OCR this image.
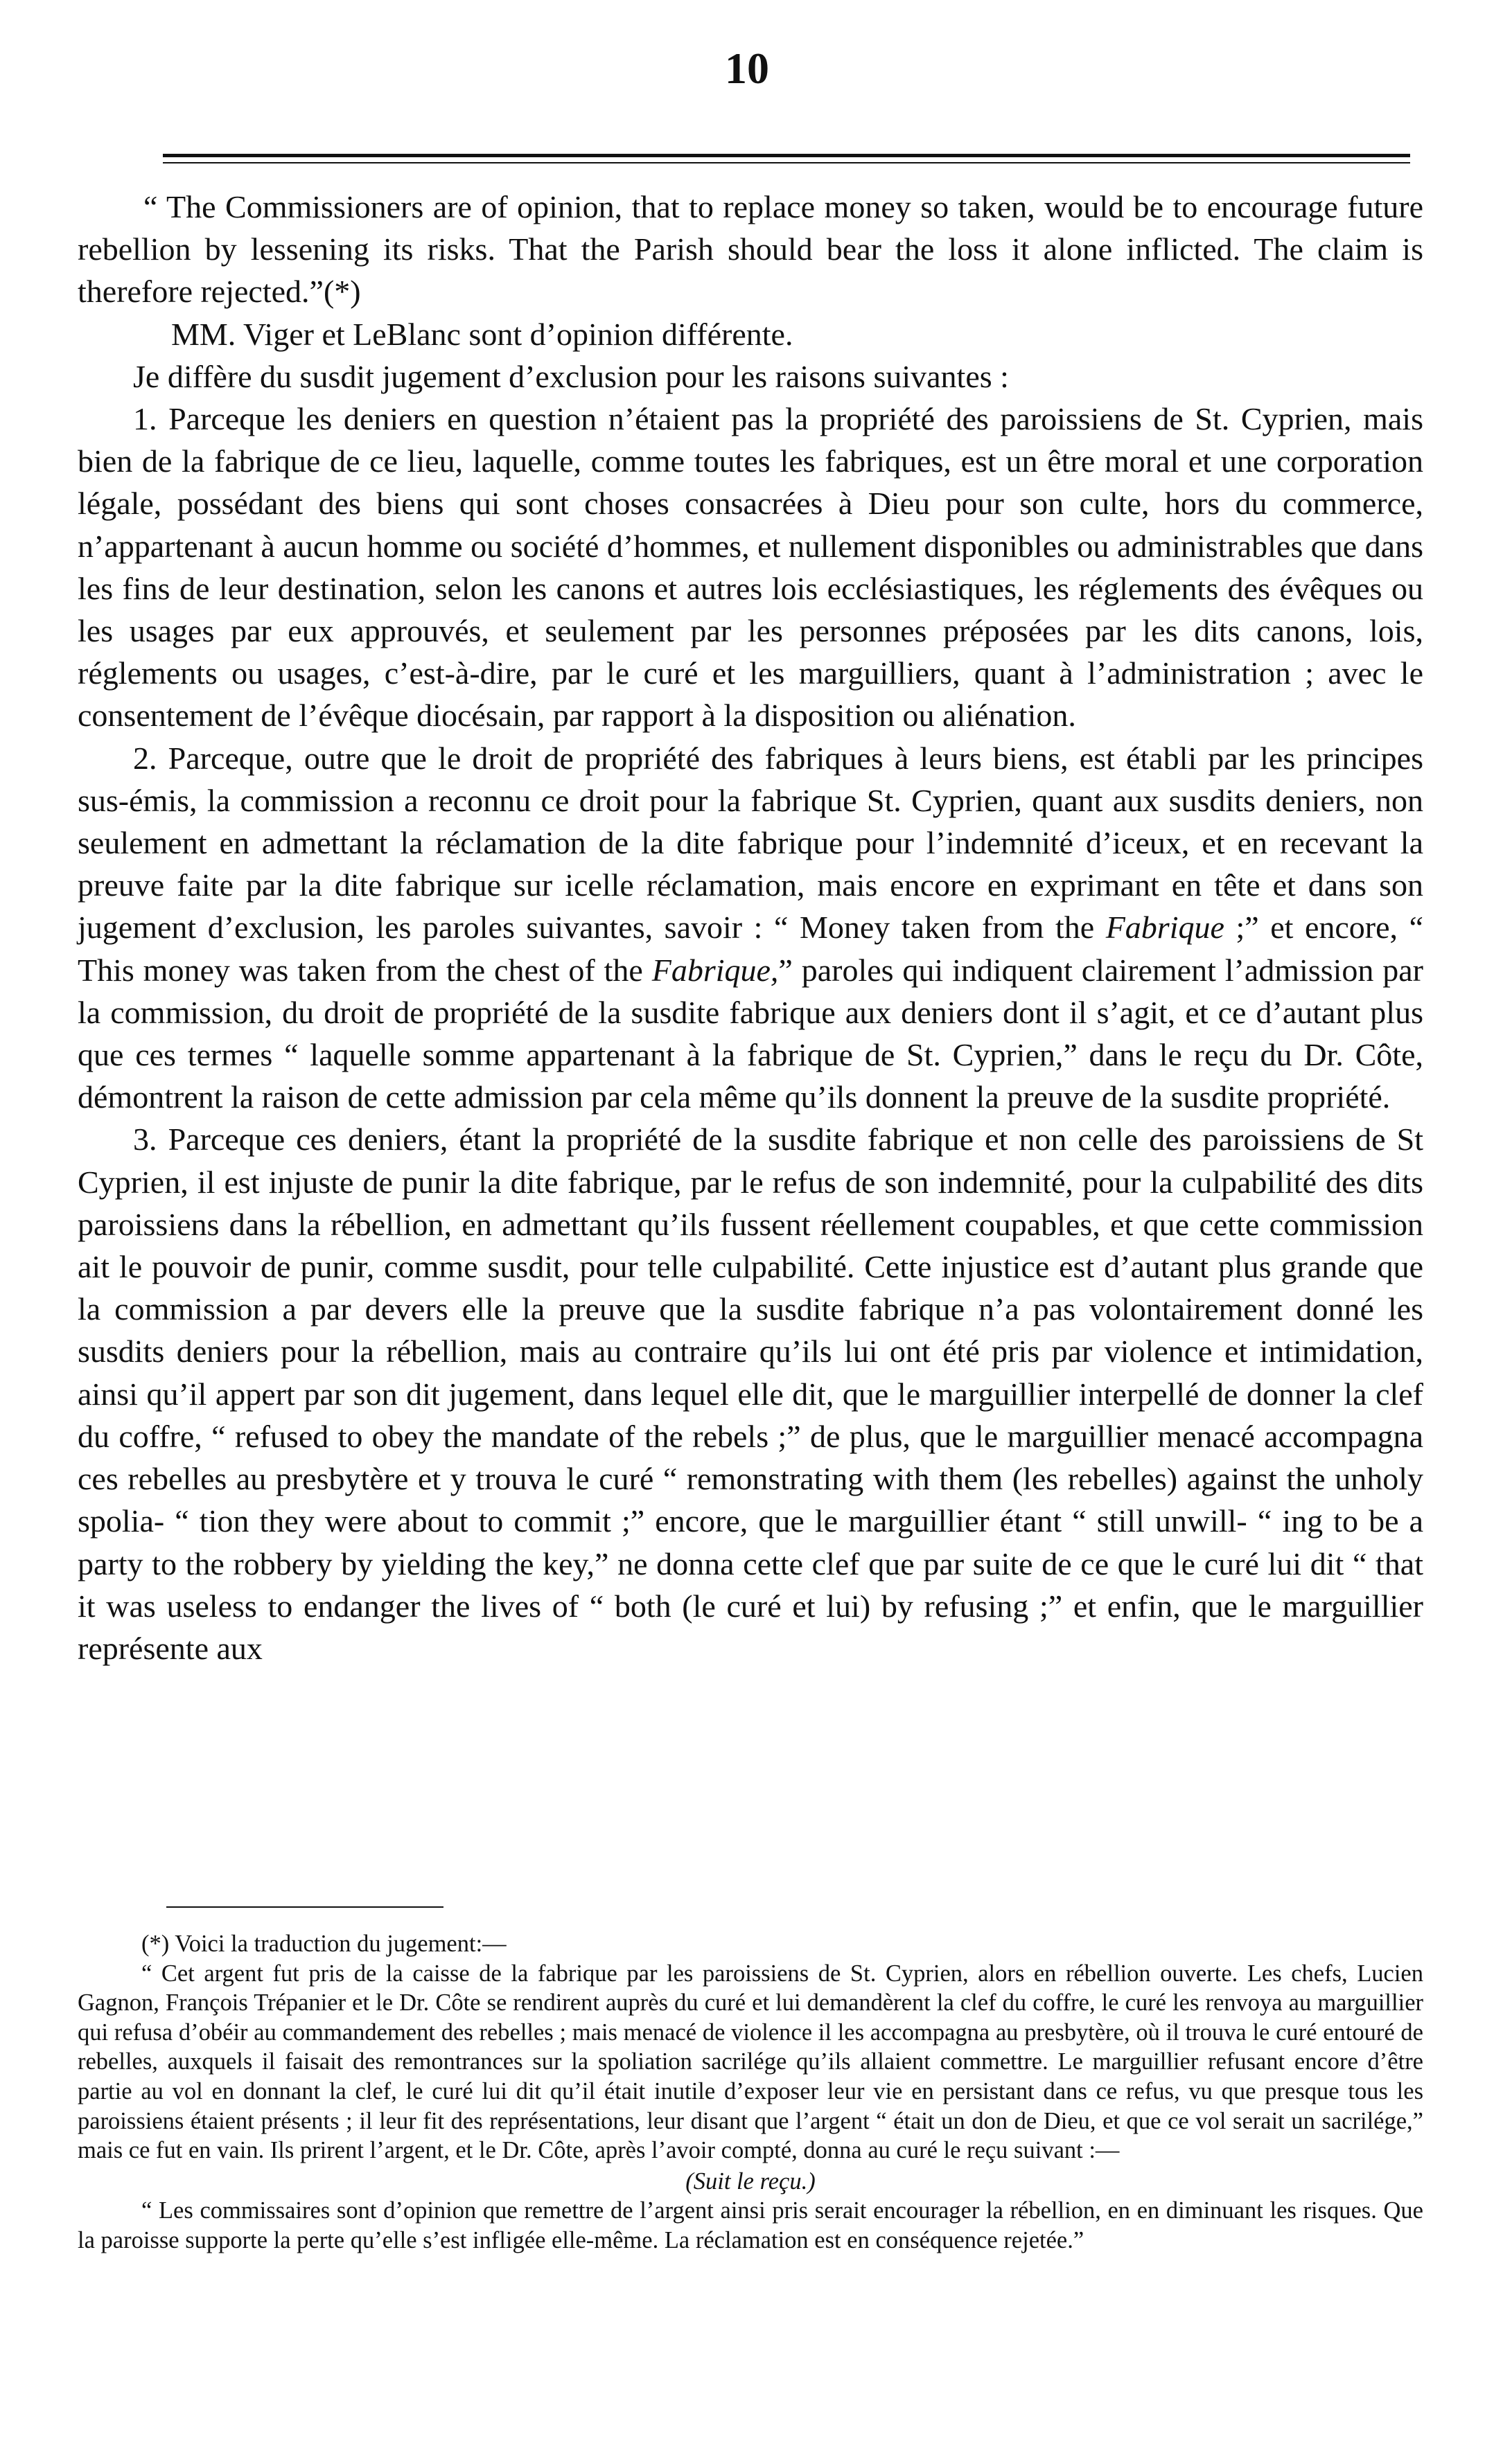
10

“ The Commissioners are of opinion, that to replace money so taken, would be to encourage future rebellion by lessening its risks. That the Parish should bear the loss it alone inflicted. The claim is therefore rejected.”(*)

MM. Viger et LeBlanc sont d’opinion différente.

Je diffère du susdit jugement d’exclusion pour les raisons suivantes :

1. Parceque les deniers en question n’étaient pas la propriété des paroissiens de St. Cyprien, mais bien de la fabrique de ce lieu, laquelle, comme toutes les fabriques, est un être moral et une corporation légale, possédant des biens qui sont choses consacrées à Dieu pour son culte, hors du commerce, n’appartenant à aucun homme ou société d’hommes, et nullement disponibles ou administrables que dans les fins de leur destination, selon les canons et autres lois ecclésiastiques, les réglements des évêques ou les usages par eux approuvés, et seulement par les personnes préposées par les dits canons, lois, réglements ou usages, c’est-à-dire, par le curé et les marguilliers, quant à l’administration ; avec le consentement de l’évêque diocésain, par rapport à la disposition ou aliénation.

2. Parceque, outre que le droit de propriété des fabriques à leurs biens, est établi par les principes sus-émis, la commission a reconnu ce droit pour la fabrique St. Cyprien, quant aux susdits deniers, non seulement en admettant la réclamation de la dite fabrique pour l’indemnité d’iceux, et en recevant la preuve faite par la dite fabrique sur icelle réclamation, mais encore en exprimant en tête et dans son jugement d’exclusion, les paroles suivantes, savoir : “ Money taken from the Fabrique ;” et encore, “ This money was taken from the chest of the Fabrique,” paroles qui indiquent clairement l’admission par la commission, du droit de propriété de la susdite fabrique aux deniers dont il s’agit, et ce d’autant plus que ces termes “ laquelle somme appartenant à la fabrique de St. Cyprien,” dans le reçu du Dr. Côte, démontrent la raison de cette admission par cela même qu’ils donnent la preuve de la susdite propriété.

3. Parceque ces deniers, étant la propriété de la susdite fabrique et non celle des paroissiens de St Cyprien, il est injuste de punir la dite fabrique, par le refus de son indemnité, pour la culpabilité des dits paroissiens dans la rébellion, en admettant qu’ils fussent réellement coupables, et que cette commission ait le pouvoir de punir, comme susdit, pour telle culpabilité. Cette injustice est d’autant plus grande que la commission a par devers elle la preuve que la susdite fabrique n’a pas volontairement donné les susdits deniers pour la rébellion, mais au contraire qu’ils lui ont été pris par violence et intimidation, ainsi qu’il appert par son dit jugement, dans lequel elle dit, que le marguillier interpellé de donner la clef du coffre, “ refused to obey the mandate of the rebels ;” de plus, que le marguillier menacé accompagna ces rebelles au presbytère et y trouva le curé “ remonstrating with them (les rebelles) against the unholy spolia- “ tion they were about to commit ;” encore, que le marguillier étant “ still unwill- “ ing to be a party to the robbery by yielding the key,” ne donna cette clef que par suite de ce que le curé lui dit “ that it was useless to endanger the lives of “ both (le curé et lui) by refusing ;” et enfin, que le marguillier représente aux

(*) Voici la traduction du jugement:—

“ Cet argent fut pris de la caisse de la fabrique par les paroissiens de St. Cyprien, alors en rébellion ouverte. Les chefs, Lucien Gagnon, François Trépanier et le Dr. Côte se rendirent auprès du curé et lui demandèrent la clef du coffre, le curé les renvoya au marguillier qui refusa d’obéir au commandement des rebelles ; mais menacé de violence il les accompagna au presbytère, où il trouva le curé entouré de rebelles, auxquels il faisait des remontrances sur la spoliation sacrilége qu’ils allaient commettre. Le marguillier refusant encore d’être partie au vol en donnant la clef, le curé lui dit qu’il était inutile d’exposer leur vie en persistant dans ce refus, vu que presque tous les paroissiens étaient présents ; il leur fit des représentations, leur disant que l’argent “ était un don de Dieu, et que ce vol serait un sacrilége,” mais ce fut en vain. Ils prirent l’argent, et le Dr. Côte, après l’avoir compté, donna au curé le reçu suivant :—

(Suit le reçu.)

“ Les commissaires sont d’opinion que remettre de l’argent ainsi pris serait encourager la rébellion, en en diminuant les risques. Que la paroisse supporte la perte qu’elle s’est infligée elle-même. La réclamation est en conséquence rejetée.”
